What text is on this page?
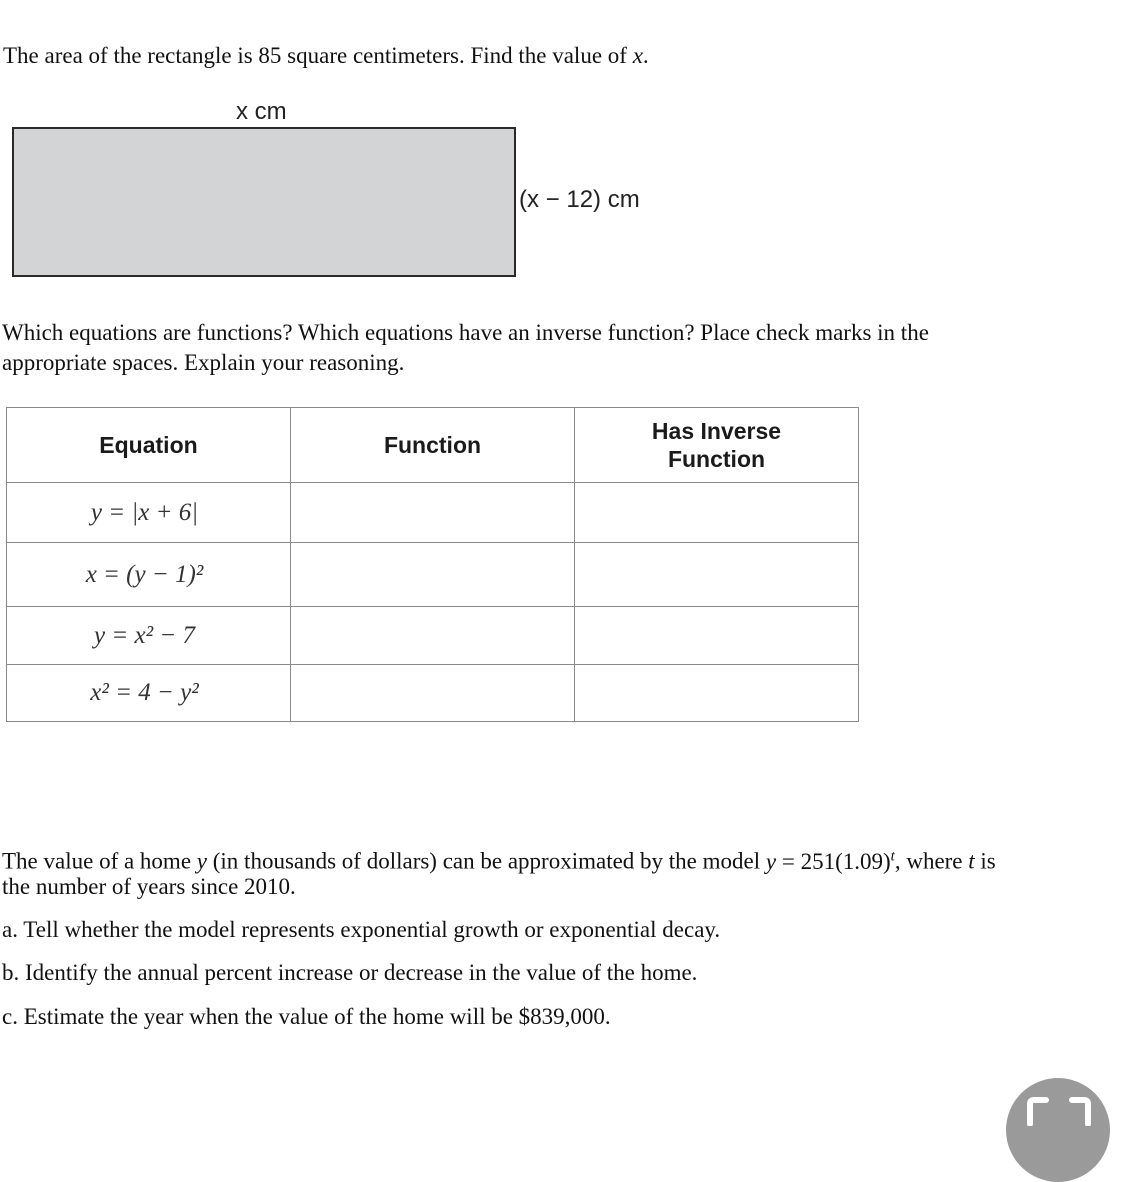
The area of the rectangle is 85 square centimeters. Find the value of x.
x cm
(x − 12) cm
Which equations are functions? Which equations have an inverse function? Place check marks in the
appropriate spaces. Explain your reasoning.
Equation	Function	Has Inverse
Function

y = |x + 6|		
x = (y − 1)²		
y = x² − 7		
x² = 4 − y²		
The value of a home y (in thousands of dollars) can be approximated by the model $y = 251(1.09)^t$, where t is
the number of years since 2010.
a. Tell whether the model represents exponential growth or exponential decay.
b. Identify the annual percent increase or decrease in the value of the home.
c. Estimate the year when the value of the home will be $839,000.
